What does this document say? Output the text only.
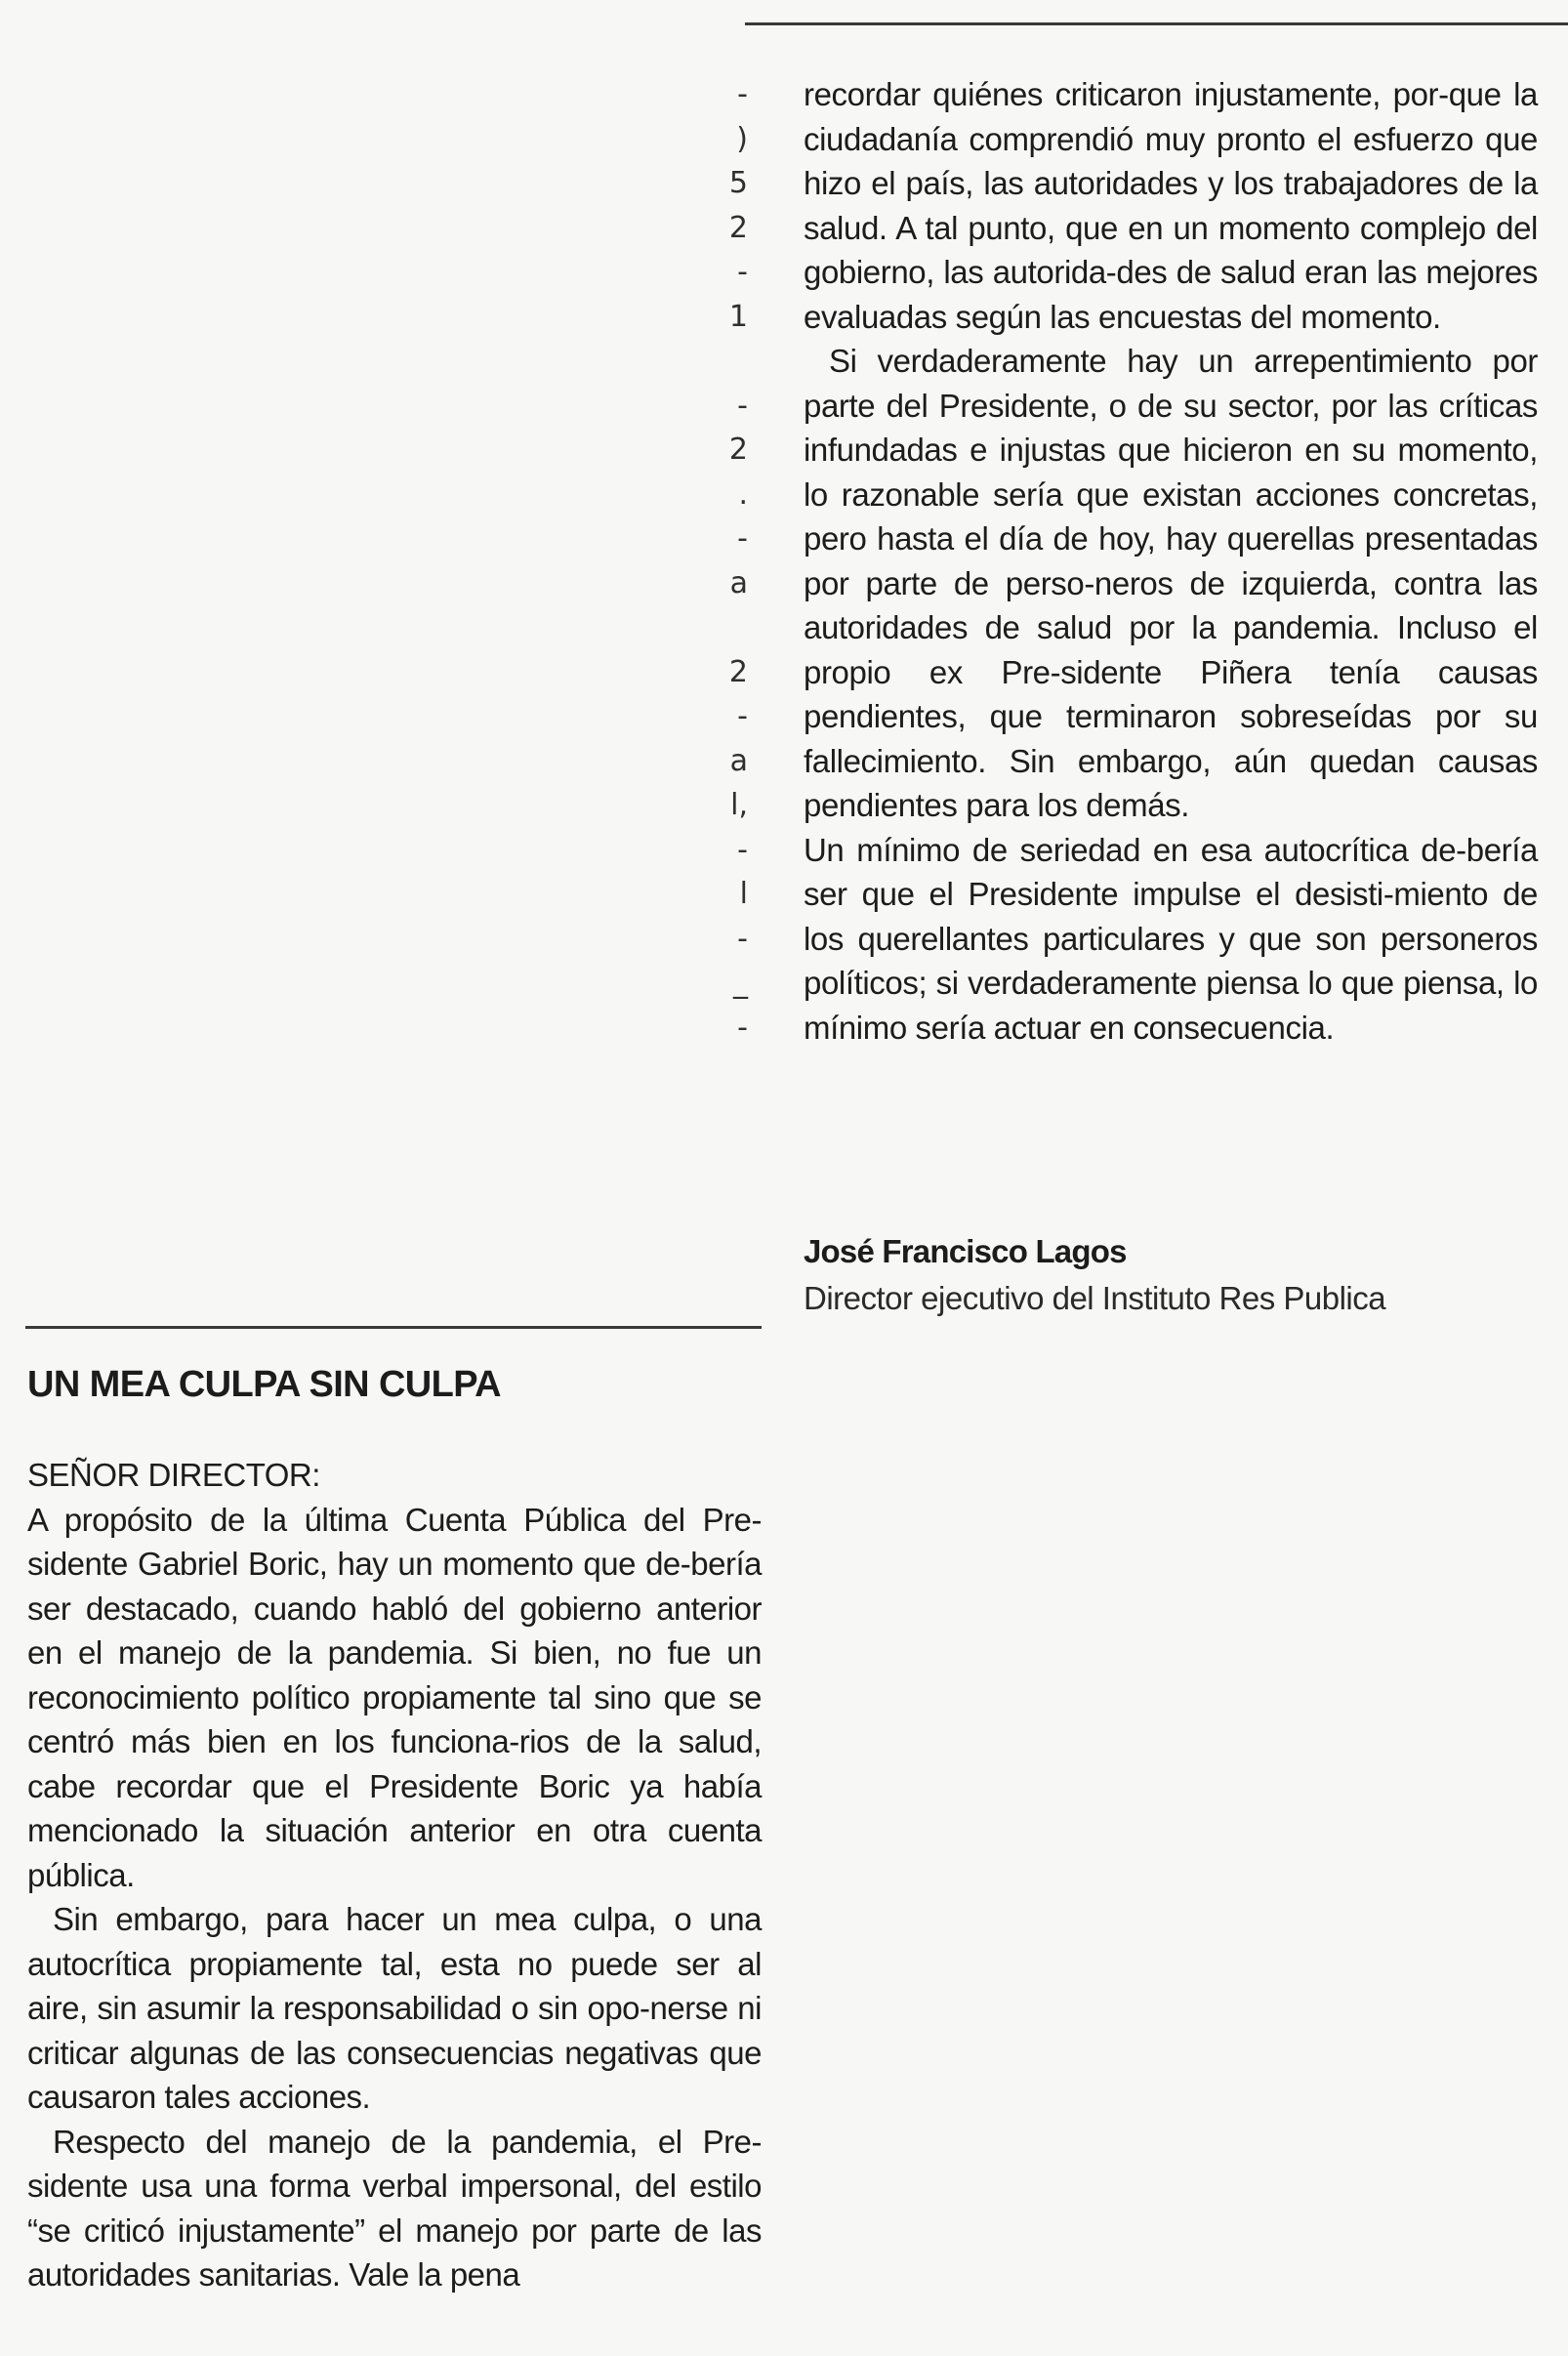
-
)
5
2
-
1
-
2
.
-
a
2
-
a
l,
-
l
-
_
-

recordar quiénes criticaron injustamente, por-que la ciudadanía comprendió muy pronto el esfuerzo que hizo el país, las autoridades y los trabajadores de la salud. A tal punto, que en un momento complejo del gobierno, las autorida-des de salud eran las mejores evaluadas según las encuestas del momento.

Si verdaderamente hay un arrepentimiento por parte del Presidente, o de su sector, por las críticas infundadas e injustas que hicieron en su momento, lo razonable sería que existan acciones concretas, pero hasta el día de hoy, hay querellas presentadas por parte de perso-neros de izquierda, contra las autoridades de salud por la pandemia. Incluso el propio ex Pre-sidente Piñera tenía causas pendientes, que terminaron sobreseídas por su fallecimiento. Sin embargo, aún quedan causas pendientes para los demás.

Un mínimo de seriedad en esa autocrítica de-bería ser que el Presidente impulse el desisti-miento de los querellantes particulares y que son personeros políticos; si verdaderamente piensa lo que piensa, lo mínimo sería actuar en consecuencia.

José Francisco Lagos
Director ejecutivo del Instituto Res Publica
UN MEA CULPA SIN CULPA
SEÑOR DIRECTOR:

A propósito de la última Cuenta Pública del Pre-sidente Gabriel Boric, hay un momento que de-bería ser destacado, cuando habló del gobierno anterior en el manejo de la pandemia. Si bien, no fue un reconocimiento político propiamente tal sino que se centró más bien en los funciona-rios de la salud, cabe recordar que el Presidente Boric ya había mencionado la situación anterior en otra cuenta pública.

Sin embargo, para hacer un mea culpa, o una autocrítica propiamente tal, esta no puede ser al aire, sin asumir la responsabilidad o sin opo-nerse ni criticar algunas de las consecuencias negativas que causaron tales acciones.

Respecto del manejo de la pandemia, el Pre-sidente usa una forma verbal impersonal, del estilo “se criticó injustamente” el manejo por parte de las autoridades sanitarias. Vale la pena
